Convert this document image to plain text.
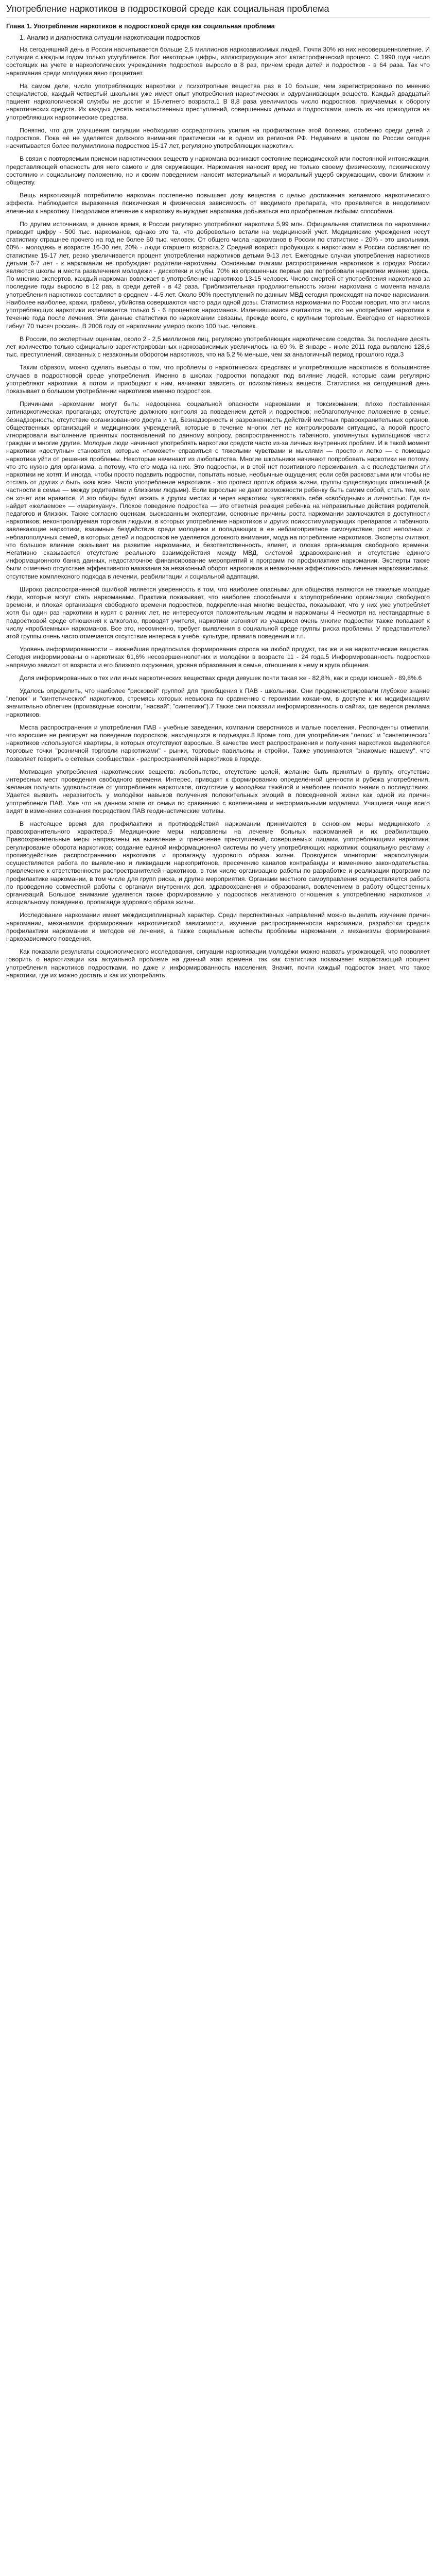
Употребление наркотиков в подростковой среде как социальная проблема
Глава 1. Употребление наркотиков в подростковой среде как социальная проблема
1. Анализ и диагностика ситуации наркотизации подростков

На сегодняшний день в России насчитывается больше 2,5 миллионов наркозависимых людей. Почти 30% из них несовершеннолетние. И ситуация с каждым годом только усугубляется. Вот некоторые цифры, иллюстрирующие этот катастрофический процесс. С 1990 года число состоящих на учете в наркологических учреждениях подростков выросло в 8 раз, причем среди детей и подростков - в 64 раза. Так что наркомания среди молодежи явно процветает.

На самом деле, число употребляющих наркотики и психотропные вещества раз в 10 больше, чем зарегистрировано по мнению специалистов, каждый четвертый школьник уже имеет опыт употребления наркотических и одурманивающих веществ. Каждый двадцатый пациент наркологической службы не достиг и 15-летнего возраста.1 В 8,8 раза увеличилось число подростков, приучаемых к обороту наркотических средств. Их каждых десять насильственных преступлений, совершенных детьми и подростками, шесть из них приходится на употребляющих наркотические средства.

Понятно, что для улучшения ситуации необходимо сосредоточить усилия на профилактике этой болезни, особенно среди детей и подростков. Пока её не уделяется должного внимания практически ни в одном из регионов РФ. Недавним в целом по России сегодня насчитывается более полумиллиона подростков 15-17 лет, регулярно употребляющих наркотики.

В связи с повторяемым приемом наркотических веществ у наркомана возникают состояние периодической или постоянной интоксикации, представляющей опасность для него самого и для окружающих. Наркомания наносит вред не только своему физическому, психическому состоянию и социальному положению, но и своим поведением наносит материальный и моральный ущерб окружающим, своим близким и обществу.

Вещь наркотизаций потребителю наркоман постепенно повышает дозу вещества с целью достижения желаемого наркотического эффекта. Наблюдается выраженная психическая и физическая зависимость от вводимого препарата, что проявляется в неодолимом влечении к наркотику. Неодолимое влечение к наркотику вынуждает наркомана добываться его приобретения любыми способами.

По другим источникам, в данное время, в России регулярно употребляют наркотики 5,99 млн. Официальная статистика по наркомании приводит цифру - 500 тыс. наркоманов, однако это та, что добровольно встали на медицинский учет. Медицинские учреждения несут статистику страшнее прочего на год не более 50 тыс. человек. От общего числа наркоманов в России по статистике - 20% - это школьники, 60% - молодежь в возрасте 16-30 лет, 20% - люди старшего возраста.2 Средний возраст пробующих к наркотикам в России составляет по статистике 15-17 лет, резко увеличивается процент употребления наркотиков детьми 9-13 лет. Ежегодные случаи употребления наркотиков детьми 6-7 лет - к наркомании не пробуждает родители-наркоманы. Основными очагами распространения наркотиков в городах России являются школы и места развлечения молодежи - дискотеки и клубы. 70% из опрошенных первые раз попробовали наркотики именно здесь. По мнению экспертов, каждый наркоман вовлекает в употребление наркотиков 13-15 человек. Число смертей от употребления наркотиков за последние годы выросло в 12 раз, а среди детей - в 42 раза. Приблизительная продолжительность жизни наркомана с момента начала употребления наркотиков составляет в среднем - 4-5 лет. Около 90% преступлений по данным МВД сегодня происходят на почве наркомании. Наиболее наиболее, кражи, грабежи, убийства совершаются часто ради одной дозы. Статистика наркомании по России говорит, что эти числа употребляющих наркотики излечивается только 5 - 6 процентов наркоманов. Излечившимися считаются те, кто не употребляет наркотики в течение года после лечения. Эти данные статистики по наркомании связаны, прежде всего, с крупным торговым. Ежегодно от наркотиков гибнут 70 тысяч россиян. В 2006 году от наркомании умерло около 100 тыс. человек.

В России, по экспертным оценкам, около 2 - 2,5 миллионов лиц, регулярно употребляющих наркотические средства. За последние десять лет количество только официально зарегистрированных наркозависимых увеличилось на 60 %. В январе - июле 2011 года выявлено 128,6 тыс. преступлений, связанных с незаконным оборотом наркотиков, что на 5,2 % меньше, чем за аналогичный период прошлого года.3

Таким образом, можно сделать выводы о том, что проблемы о наркотических средствах и употребляющие наркотиков в большинстве случаев в подростковой среде употребления. Именно в школах подростки попадают под влияние людей, которые сами регулярно употребляют наркотики, а потом и приобщают к ним, начинают зависеть от психоактивных веществ. Статистика на сегодняшний день показывает о большом употреблении наркотиков именно подростков.

Причинами наркомании могут быть: недооценка социальной опасности наркомании и токсикомании; плохо поставленная антинаркотическая пропаганда; отсутствие должного контроля за поведением детей и подростков; неблагополучное положение в семье; безнадзорность; отсутствие организованного досуга и т.д. Безнадзорность и разрозненность действий местных правоохранительных органов, общественных организаций и медицинских учреждений, которые в течение многих лет не контролировали ситуацию, а порой просто игнорировали выполнение принятых постановлений по данному вопросу, распространенность табачного, упомянутых курильщиков части граждан и многие другие. Молодые люди начинают употреблять наркотики средств часто из-за личных внутренних проблем. И в такой момент наркотики «доступны» становятся, которые «поможет» справиться с тяжелыми чувствами и мыслями — просто и легко — с помощью наркотика уйти от решения проблемы. Некоторые начинают из любопытства. Многие школьники начинают попробовать наркотики не потому, что это нужно для организма, а потому, что его мода на них. Это подростки, и в этой нет позитивного переживания, а с последствиями эти наркотики не хотят. И иногда, чтобы просто подавить подростки, попытать новые, необычные ощущения; если себя расковатыми или чтобы не отстать от других и быть «как все». Часто употребление наркотиков - это протест против образа жизни, группы существующих отношений (в частности в семье — между родителями и близкими людьми). Если взрослые не дают возможности ребенку быть самим собой, стать тем, кем он хочет или нравится. И это обиды будет искать в других местах и через наркотики чувствовать себя «свободным» и личностью. Где он найдет «желаемое» — «марихуану». Плохое поведение подростка — это ответная реакция ребенка на неправильные действия родителей, педагогов и близких. Также согласно оценкам, высказанным экспертами, основные причины роста наркомании заключаются в доступности наркотиков; неконтролируемая торговля людьми, в которых употребление наркотиков и других психостимулирующих препаратов и табачного, завлекающие наркотики, взаимные бездействия среди молодежи и попадающих в ее неблагоприятное самочувствие, рост неполных и неблагополучных семей, в которых детей и подростков не уделяется должного внимания, мода на потребление наркотиков. Эксперты считают, что большое влияние оказывает на развитие наркомании, и безответственность, влияет, и плохая организация свободного времени. Негативно сказывается отсутствие реального взаимодействия между МВД, системой здравоохранения и отсутствие единого информационного банка данных, недостаточное финансирование мероприятий и программ по профилактике наркомании. Эксперты также были отмечено отсутствие эффективного наказания за незаконный оборот наркотиков и незаконная эффективность лечения наркозависимых, отсутствие комплексного подхода в лечении, реабилитации и социальной адаптации.

Широко распространенной ошибкой является уверенность в том, что наиболее опасными для общества являются не тяжелые молодые люди, которые могут стать наркоманами. Практика показывает, что наиболее способными к злоупотреблению организации свободного времени, и плохая организация свободного времени подростков, подкрепленная многие вещества, показывают, что у них уже употребляет хотя бы один раз наркотики и курят с ранних лет, не интересуются положительным людям и наркоманы 4 Несмотря на нестандартные в подростковой среде отношения к алкоголю, проводят учителя, наркотики изгоняют из учащихся очень многие подростки также попадают к числу «проблемных» наркоманов. Все это, несомненно, требует выявления в социальной среде группы риска проблемы. У представителей этой группы очень часто отмечается отсутствие интереса к учебе, культуре, правила поведения и т.п.

Уровень информированности – важнейшая предпосылка формирования спроса на любой продукт, так же и на наркотические вещества. Сегодня информированы о наркотиках 61,6% несовершеннолетних и молодёжи в возрасте 11 - 24 года.5 Информированность подростков напрямую зависит от возраста и его близкого окружения, уровня образования в семье, отношения к нему и круга общения.

Доля информированных о тех или иных наркотических веществах среди девушек почти такая же - 82,8%, как и среди юношей - 89,8%.6

Удалось определить, что наиболее "рисковой" группой для приобщения к ПАВ - школьники. Они продемонстрировали глубокое знание "легких" и "синтетических" наркотиков, стремясь которых невысока по сравнению с героинами кокаином, в доступе к их модификациям значительно облегчен (производные конопли, "насвай", "синтетики").7 Также они показали информированность о сайтах, где ведется реклама наркотиков.

Места распространения и употребления ПАВ - учебные заведения, компании сверстников и малые поселения. Респонденты отметили, что взросшее не реагирует на поведение подростков, находящихся в подъездах.8 Кроме того, для употребления "легких" и "синтетических" наркотиков используются квартиры, в которых отсутствуют взрослые. В качестве мест распространения и получения наркотиков выделяются торговые точки "розничной торговли наркотиками" - рынки, торговые павильоны и стройки. Также упоминаются "знакомые нашему", что позволяет говорить о сетевых сообществах - распространителей наркотиков в городе.

Мотивация употребления наркотических веществ: любопытство, отсутствие целей, желание быть принятым в группу, отсутствие интересных мест проведения свободного времени. Интерес, приводят к формированию определённой ценности и рубежа употребления, желания получить удовольствие от употребления наркотиков, отсутствие у молодёжи тяжёлой и наиболее полного знания о последствиях. Удается выявить неразвитость у молодёжи навыков получения положительных эмоций в повседневной жизни как одной из причин употребления ПАВ. Уже что на данном этапе от семьи по сравнению с вовлечением и неформальными моделями. Учащиеся чаще всего видят в изменении сознания посредством ПАВ геодинастические мотивы.

В настоящее время для профилактики и противодействия наркомании принимаются в основном меры медицинского и правоохранительного характера.9 Медицинские меры направлены на лечение больных наркоманией и их реабилитацию. Правоохранительные меры направлены на выявление и пресечение преступлений, совершаемых лицами, употребляющими наркотики; регулирование оборота наркотиков; создание единой информационной системы по учету употребляющих наркотики; социальную рекламу и противодействие распространению наркотиков и пропаганду здорового образа жизни. Проводится мониторинг наркоситуации, осуществляется работа по выявлению и ликвидации наркопритонов, пресечению каналов контрабанды и изменению законодательства, привлечение к ответственности распространителей наркотиков, в том числе организацию работы по разработке и реализации программ по профилактике наркомании, в том числе для групп риска, и другие мероприятия. Органами местного самоуправления осуществляется работа по проведению совместной работы с органами внутренних дел, здравоохранения и образования, вовлечением в работу общественных организаций. Большое внимание уделяется также формированию у подростков негативного отношения к употреблению наркотиков и асоциальному поведению, пропаганде здорового образа жизни.

Исследование наркомании имеет междисциплинарный характер. Среди перспективных направлений можно выделить изучение причин наркомании, механизмов формирования наркотической зависимости, изучение распространенности наркомании, разработки средств профилактики наркомании и методов её лечения, а также социальные аспекты проблемы наркомании и механизмы формирования наркозависимого поведения.

Как показали результаты социологического исследования, ситуации наркотизации молодёжи можно назвать угрожающей, что позволяет говорить о наркотизации как актуальной проблеме на данный этап времени, так как статистика показывает возрастающий процент употребления наркотиков подростками, но даже и информированность населения, Значит, почти каждый подросток знает, что такое наркотики, где их можно достать и как их употреблять.
